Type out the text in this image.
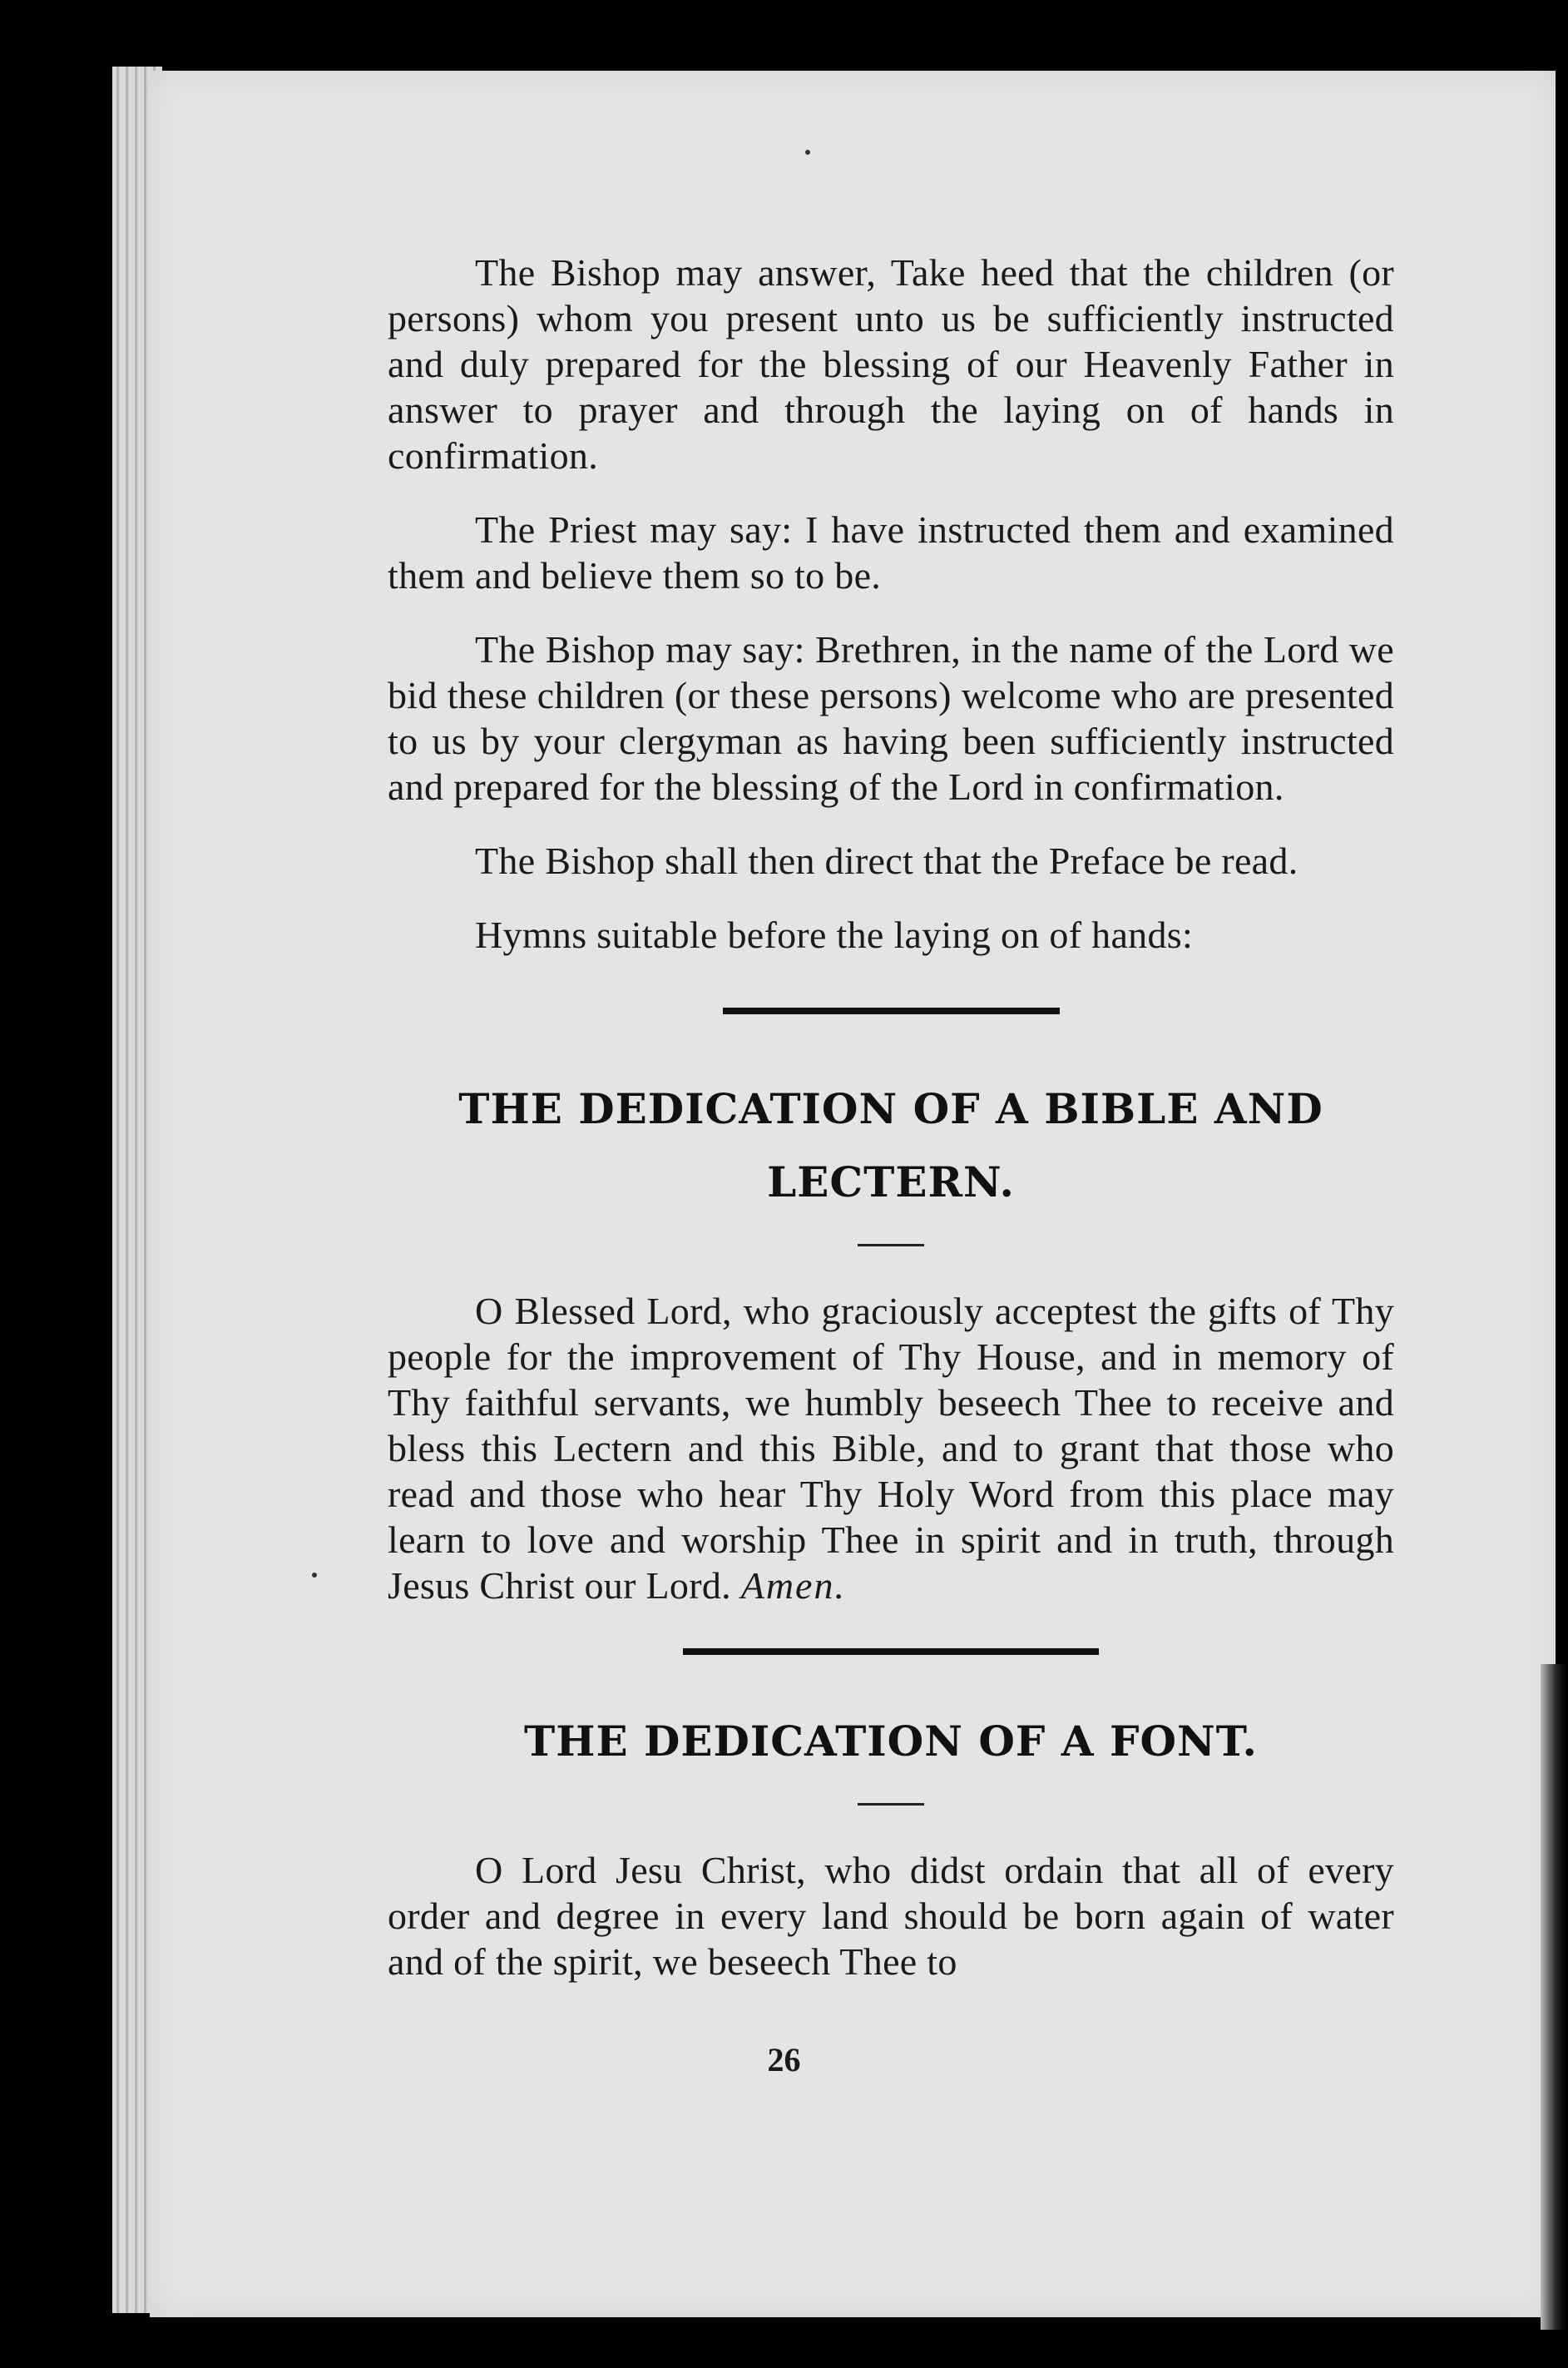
The Bishop may answer, Take heed that the children (or persons) whom you present unto us be sufficiently instructed and duly prepared for the blessing of our Heavenly Father in answer to prayer and through the laying on of hands in confirmation.

The Priest may say: I have instructed them and examined them and believe them so to be.

The Bishop may say: Brethren, in the name of the Lord we bid these children (or these persons) welcome who are presented to us by your clergyman as having been sufficiently instructed and prepared for the blessing of the Lord in confirmation.

The Bishop shall then direct that the Preface be read.

Hymns suitable before the laying on of hands:

THE DEDICATION OF A BIBLE AND LECTERN.

O Blessed Lord, who graciously acceptest the gifts of Thy people for the improvement of Thy House, and in memory of Thy faithful servants, we humbly beseech Thee to receive and bless this Lectern and this Bible, and to grant that those who read and those who hear Thy Holy Word from this place may learn to love and worship Thee in spirit and in truth, through Jesus Christ our Lord. Amen.

THE DEDICATION OF A FONT.

O Lord Jesu Christ, who didst ordain that all of every order and degree in every land should be born again of water and of the spirit, we beseech Thee to

26
